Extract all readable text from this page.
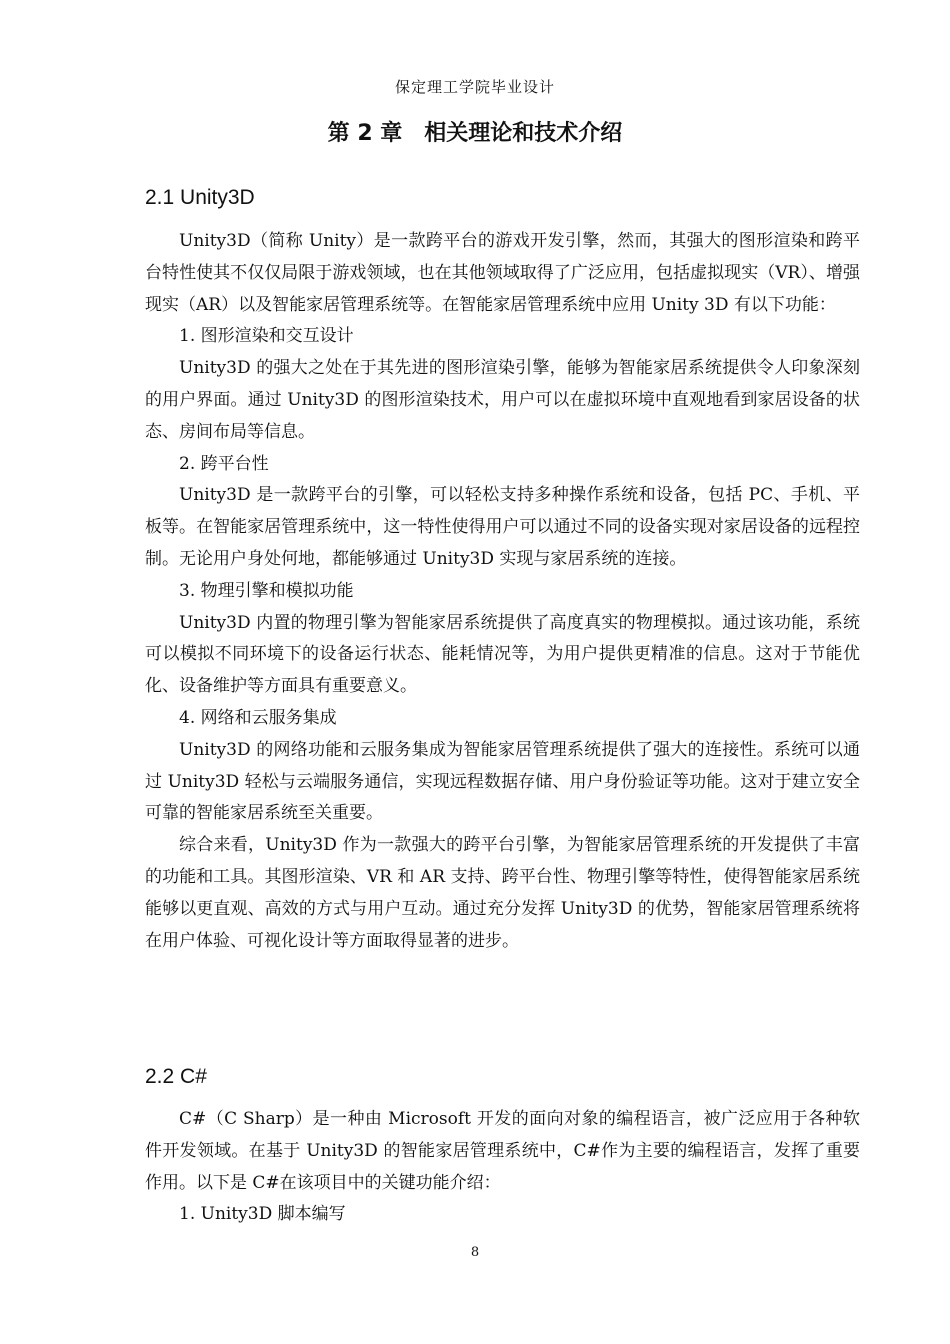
保定理工学院毕业设计
第 2 章　相关理论和技术介绍
2.1 Unity3D

Unity3D（简称 Unity）是一款跨平台的游戏开发引擎，然而，其强大的图形渲染和跨平台特性使其不仅仅局限于游戏领域，也在其他领域取得了广泛应用，包括虚拟现实（VR）、增强现实（AR）以及智能家居管理系统等。在智能家居管理系统中应用 Unity 3D 有以下功能：

1. 图形渲染和交互设计

Unity3D 的强大之处在于其先进的图形渲染引擎，能够为智能家居系统提供令人印象深刻的用户界面。通过 Unity3D 的图形渲染技术，用户可以在虚拟环境中直观地看到家居设备的状态、房间布局等信息。

2. 跨平台性

Unity3D 是一款跨平台的引擎，可以轻松支持多种操作系统和设备，包括 PC、手机、平板等。在智能家居管理系统中，这一特性使得用户可以通过不同的设备实现对家居设备的远程控制。无论用户身处何地，都能够通过 Unity3D 实现与家居系统的连接。

3. 物理引擎和模拟功能

Unity3D 内置的物理引擎为智能家居系统提供了高度真实的物理模拟。通过该功能，系统可以模拟不同环境下的设备运行状态、能耗情况等，为用户提供更精准的信息。这对于节能优化、设备维护等方面具有重要意义。

4. 网络和云服务集成

Unity3D 的网络功能和云服务集成为智能家居管理系统提供了强大的连接性。系统可以通过 Unity3D 轻松与云端服务通信，实现远程数据存储、用户身份验证等功能。这对于建立安全可靠的智能家居系统至关重要。

综合来看，Unity3D 作为一款强大的跨平台引擎，为智能家居管理系统的开发提供了丰富的功能和工具。其图形渲染、VR 和 AR 支持、跨平台性、物理引擎等特性，使得智能家居系统能够以更直观、高效的方式与用户互动。通过充分发挥 Unity3D 的优势，智能家居管理系统将在用户体验、可视化设计等方面取得显著的进步。

2.2 C#

C#（C Sharp）是一种由 Microsoft 开发的面向对象的编程语言，被广泛应用于各种软件开发领域。在基于 Unity3D 的智能家居管理系统中，C#作为主要的编程语言，发挥了重要作用。以下是 C#在该项目中的关键功能介绍：

1. Unity3D 脚本编写

8
